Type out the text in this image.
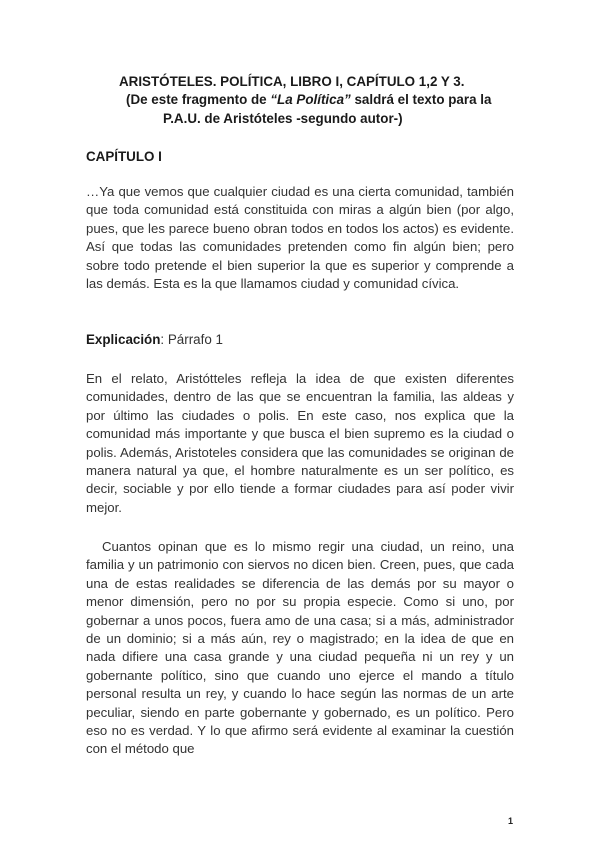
ARISTÓTELES. POLÍTICA, LIBRO I, CAPÍTULO 1,2 Y 3.
(De este fragmento de “La Política” saldrá el texto para la
P.A.U. de Aristóteles -segundo autor-)
CAPÍTULO I
…Ya que vemos que cualquier ciudad es una cierta comunidad, también que toda comunidad está constituida con miras a algún bien (por algo, pues, que les parece bueno obran todos en todos los actos) es evidente. Así que todas las comunidades pretenden como fin algún bien; pero sobre todo pretende el bien superior la que es superior y comprende a las demás. Esta es la que llamamos ciudad y comunidad cívica.
Explicación: Párrafo 1
En el relato, Aristótteles refleja la idea de que existen diferentes comunidades, dentro de las que se encuentran la familia, las aldeas y por último las ciudades o polis. En este caso, nos explica que la comunidad más importante y que busca el bien supremo es la ciudad o polis. Además, Aristoteles considera que las comunidades se originan de manera natural ya que, el hombre naturalmente es un ser político, es decir, sociable y por ello tiende a formar ciudades para así poder vivir mejor.
Cuantos opinan que es lo mismo regir una ciudad, un reino, una familia y un patrimonio con siervos no dicen bien. Creen, pues, que cada una de estas realidades se diferencia de las demás por su mayor o menor dimensión, pero no por su propia especie. Como si uno, por gobernar a unos pocos, fuera amo de una casa; si a más, administrador de un dominio; si a más aún, rey o magistrado; en la idea de que en nada difiere una casa grande y una ciudad pequeña ni un rey y un gobernante político, sino que cuando uno ejerce el mando a título personal resulta un rey, y cuando lo hace según las normas de un arte peculiar, siendo en parte gobernante y gobernado, es un político. Pero eso no es verdad. Y lo que afirmo será evidente al examinar la cuestión con el método que
1
